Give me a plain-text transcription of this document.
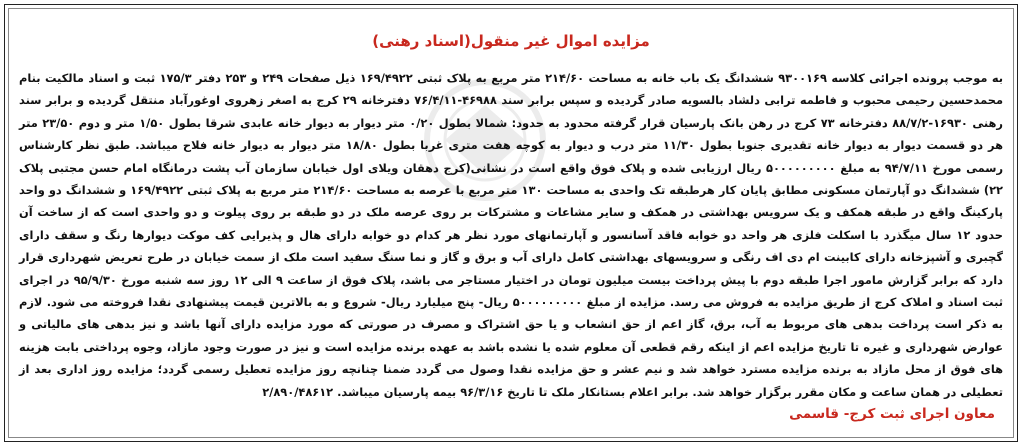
مزایده اموال غیر منقول(اسناد رهنی)

به موجب پرونده اجرائی کلاسه ۹۳۰۰۱۶۹ ششدانگ یک باب خانه به مساحت ۲۱۴/۶۰ متر مربع به پلاک ثبتی ۱۶۹/۴۹۲۲ ذیل صفحات ۲۴۹ و ۲۵۳ دفتر ۱۷۵/۳ ثبت و اسناد مالکیت بنام محمدحسین رحیمی محبوب و فاطمه ترابی دلشاد بالسویه صادر گردیده و سپس برابر سند ۴۶۹۸۸-۷۶/۴/۱۱ دفترخانه ۲۹ کرج به اصغر زهروی اوغورآباد منتقل گردیده و برابر سند رهنی ۱۶۹۳۰-۸۸/۷/۲ دفترخانه ۷۳ کرج در رهن بانک پارسیان قرار گرفته محدود به حدود: شمالا بطول ۰/۲۰ متر دیوار به دیوار خانه عابدی شرقا بطول ۱/۵۰ متر و دوم ۲۳/۵۰ متر هر دو قسمت دیوار به دیوار خانه تقدیری جنوبا بطول ۱۱/۳۰ متر درب و دیوار به کوچه هفت متری غربا بطول ۱۸/۸۰ متر دیوار به دیوار خانه فلاح میباشد. طبق نظر کارشناس رسمی مورخ ۹۴/۷/۱۱ به مبلغ ۵۰۰۰۰۰۰۰۰۰ ریال ارزیابی شده و پلاک فوق واقع است در نشانی(کرج دهقان ویلای اول خیابان سازمان آب پشت درمانگاه امام حسن مجتبی پلاک ۲۲) ششدانگ دو آپارتمان مسکونی مطابق پایان کار هرطبقه تک واحدی به مساحت ۱۳۰ متر مربع با عرصه به مساحت ۲۱۴/۶۰ متر مربع به پلاک ثبتی ۱۶۹/۴۹۲۲ و ششدانگ دو واحد پارکینگ واقع در طبقه همکف و یک سرویس بهداشتی در همکف و سایر مشاعات و مشترکات بر روی عرصه ملک در دو طبقه بر روی پیلوت و دو واحدی است که از ساخت آن حدود ۱۲ سال میگذرد با اسکلت فلزی هر واحد دو خوابه فاقد آسانسور و آپارتمانهای مورد نظر هر کدام دو خوابه دارای هال و پذیرایی کف موکت دیوارها رنگ و سقف دارای گچبری و آشپزخانه دارای کابینت ام دی اف رنگی و سرویسهای بهداشتی کامل دارای آب و برق و گاز و نما سنگ سفید است ملک از سمت خیابان در طرح تعریض شهرداری قرار دارد که برابر گزارش مامور اجرا طبقه دوم با پیش پرداخت بیست میلیون تومان در اختیار مستاجر می باشد، پلاک فوق از ساعت ۹ الی ۱۲ روز سه شنبه مورخ ۹۵/۹/۳۰ در اجرای ثبت اسناد و املاک کرج از طریق مزایده به فروش می رسد. مزایده از مبلغ ۵۰۰۰۰۰۰۰۰۰ ریال- پنج میلیارد ریال- شروع و به بالاترین قیمت پیشنهادی نقدا فروخته می شود. لازم به ذکر است پرداخت بدهی های مربوط به آب، برق، گاز اعم از حق انشعاب و یا حق اشتراک و مصرف در صورتی که مورد مزایده دارای آنها باشد و نیز بدهی های مالیاتی و عوارض شهرداری و غیره تا تاریخ مزایده اعم از اینکه رقم قطعی آن معلوم شده یا نشده باشد به عهده برنده مزایده است و نیز در صورت وجود مازاد، وجوه پرداختی بابت هزینه های فوق از محل مازاد به برنده مزایده مسترد خواهد شد و نیم عشر و حق مزایده نقدا وصول می گردد ضمنا چنانچه روز مزایده تعطیل رسمی گردد؛ مزایده روز اداری بعد از تعطیلی در همان ساعت و مکان مقرر برگزار خواهد شد. برابر اعلام بستانکار ملک تا تاریخ ۹۶/۳/۱۶ بیمه پارسیان میباشد. ۲/۸۹۰/۴۸۶۱۲

معاون اجرای ثبت کرج- قاسمی
